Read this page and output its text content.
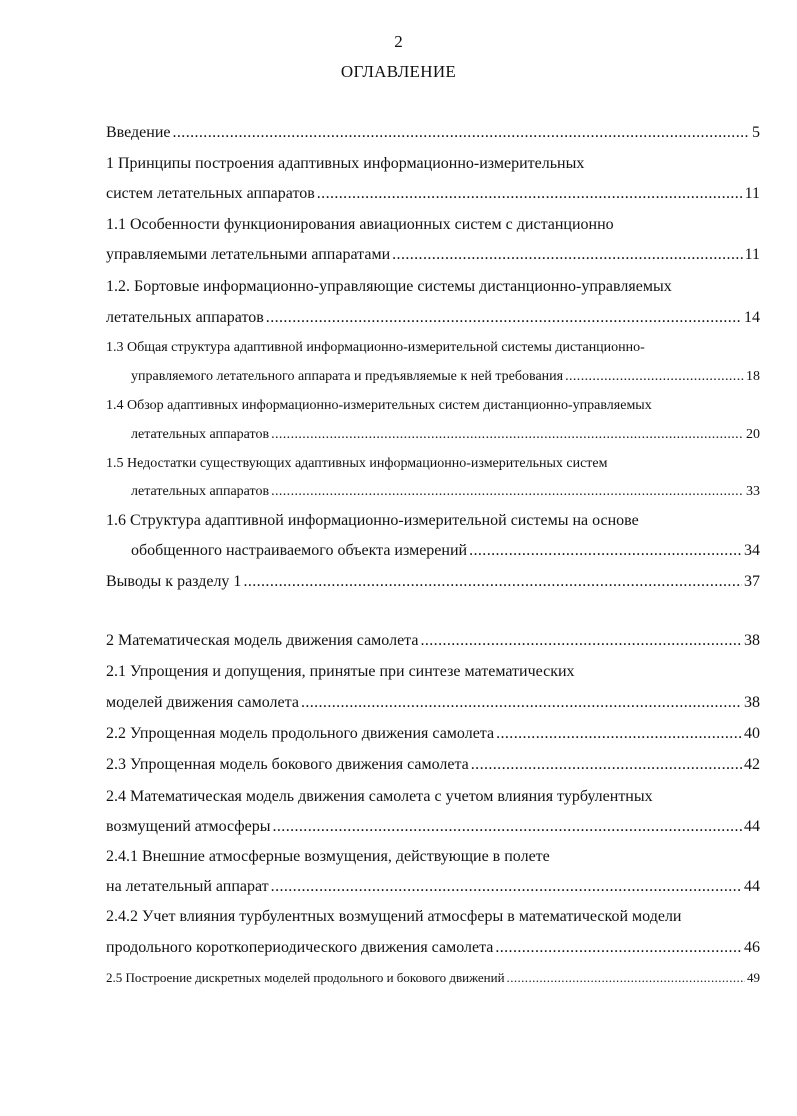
2
ОГЛАВЛЕНИЕ
Введение .....	5
1 Принципы построения адаптивных информационно-измерительных
систем летательных аппаратов .....	11
1.1 Особенности функционирования авиационных систем с дистанционно
управляемыми летательными аппаратами .....	11
1.2. Бортовые информационно-управляющие системы дистанционно-управляемых
летательных аппаратов .....	14
1.3 Общая структура адаптивной информационно-измерительной системы дистанционно-
управляемого летательного аппарата и предъявляемые к ней требования .....	18
1.4 Обзор адаптивных информационно-измерительных систем дистанционно-управляемых
летательных аппаратов .....	20
1.5 Недостатки существующих адаптивных информационно-измерительных систем
летательных аппаратов .....	33
1.6 Структура адаптивной информационно-измерительной системы на основе
обобщенного настраиваемого объекта измерений .....	34
Выводы к разделу 1 .....	37
2 Математическая модель движения самолета .....	38
2.1 Упрощения и допущения, принятые при синтезе математических
моделей движения самолета .....	38
2.2 Упрощенная модель продольного движения самолета .....	40
2.3 Упрощенная модель бокового движения самолета .....	42
2.4 Математическая модель движения самолета с учетом влияния турбулентных
возмущений атмосферы .....	44
2.4.1 Внешние атмосферные возмущения, действующие в полете
на летательный аппарат .....	44
2.4.2 Учет влияния турбулентных возмущений атмосферы в математической модели
продольного короткопериодического движения самолета .....	46
2.5 Построение дискретных моделей продольного и бокового движений .....	49
